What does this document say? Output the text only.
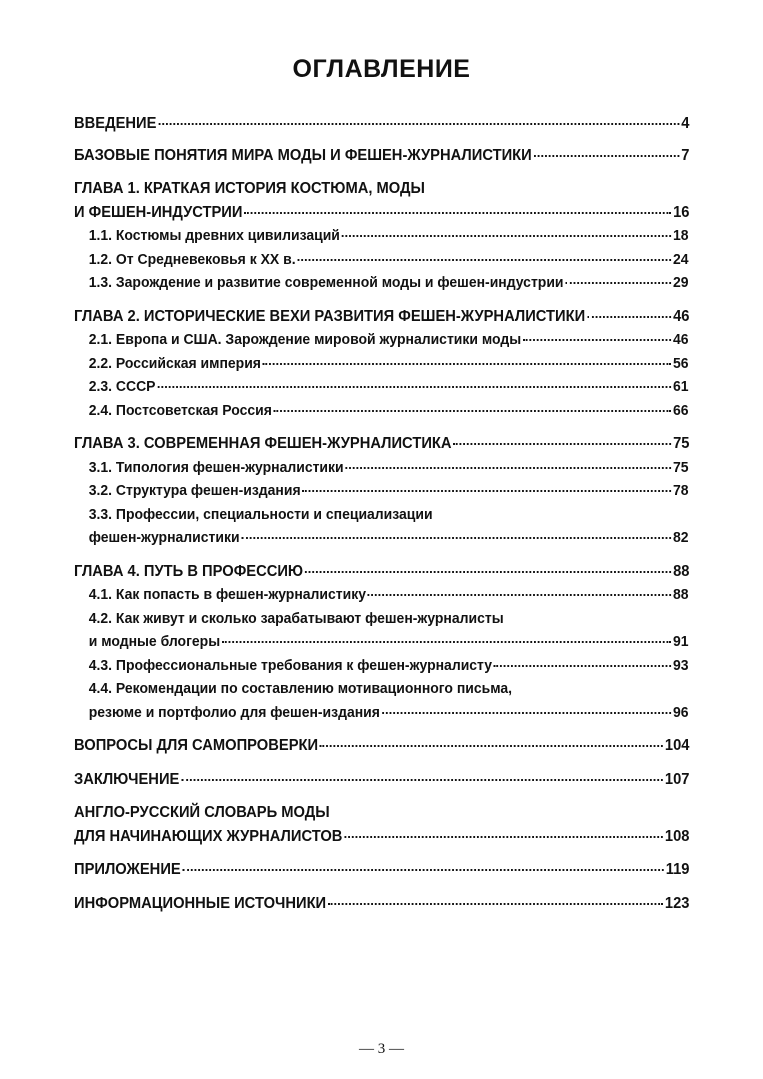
ОГЛАВЛЕНИЕ
ВВЕДЕНИЕ	4
БАЗОВЫЕ ПОНЯТИЯ МИРА МОДЫ И ФЕШЕН-ЖУРНАЛИСТИКИ	7
ГЛАВА 1. КРАТКАЯ ИСТОРИЯ КОСТЮМА, МОДЫ
И ФЕШЕН-ИНДУСТРИИ	16
1.1. Костюмы древних цивилизаций	18
1.2. От Средневековья к XX в.	24
1.3. Зарождение и развитие современной моды и фешен-индустрии	29
ГЛАВА 2. ИСТОРИЧЕСКИЕ ВЕХИ РАЗВИТИЯ ФЕШЕН-ЖУРНАЛИСТИКИ	46
2.1. Европа и США. Зарождение мировой журналистики моды	46
2.2. Российская империя	56
2.3. СССР	61
2.4. Постсоветская Россия	66
ГЛАВА 3. СОВРЕМЕННАЯ ФЕШЕН-ЖУРНАЛИСТИКА	75
3.1. Типология фешен-журналистики	75
3.2. Структура фешен-издания	78
3.3. Профессии, специальности и специализации
фешен-журналистики	82
ГЛАВА 4. ПУТЬ В ПРОФЕССИЮ	88
4.1. Как попасть в фешен-журналистику	88
4.2. Как живут и сколько зарабатывают фешен-журналисты
и модные блогеры	91
4.3. Профессиональные требования к фешен-журналисту	93
4.4. Рекомендации по составлению мотивационного письма,
резюме и портфолио для фешен-издания	96
ВОПРОСЫ ДЛЯ САМОПРОВЕРКИ	104
ЗАКЛЮЧЕНИЕ	107
АНГЛО-РУССКИЙ СЛОВАРЬ МОДЫ
ДЛЯ НАЧИНАЮЩИХ ЖУРНАЛИСТОВ	108
ПРИЛОЖЕНИЕ	119
ИНФОРМАЦИОННЫЕ ИСТОЧНИКИ	123
— 3 —
